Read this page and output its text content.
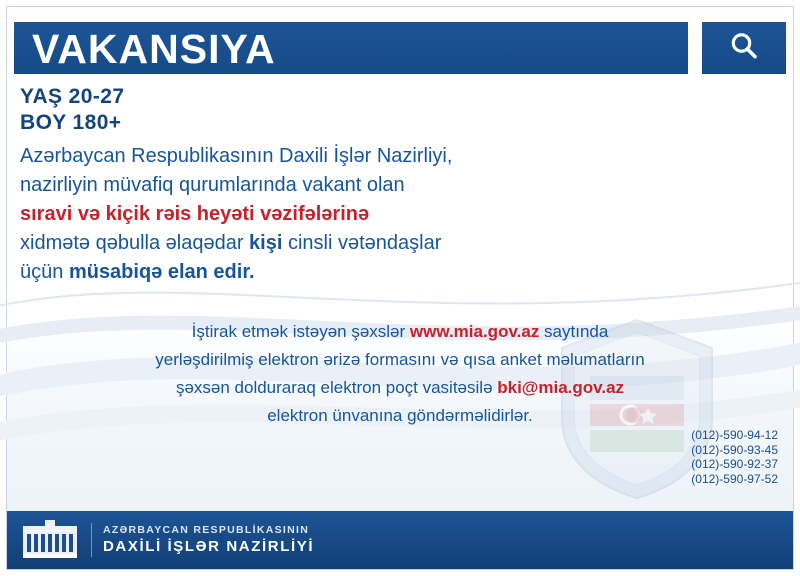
VAKANSIYA
YAŞ 20-27
BOY 180+
Azərbaycan Respublikasının Daxili İşlər Nazirliyi,
nazirliyin müvafiq qurumlarında vakant olan
sıravi və kiçik rəis heyəti vəzifələrinə
xidmətə qəbulla əlaqədar kişi cinsli vətəndaşlar
üçün müsabiqə elan edir.
İştirak etmək istəyən şəxslər www.mia.gov.az saytında
yerləşdirilmiş elektron ərizə formasını və qısa anket məlumatların
şəxsən dolduraraq elektron poçt vasitəsilə bki@mia.gov.az
elektron ünvanına göndərməlidirlər.
(012)-590-94-12
(012)-590-93-45
(012)-590-92-37
(012)-590-97-52
AZƏRBAYCAN RESPUBLİKASININ
DAXİLİ İŞLƏR NAZİRLİYİ
